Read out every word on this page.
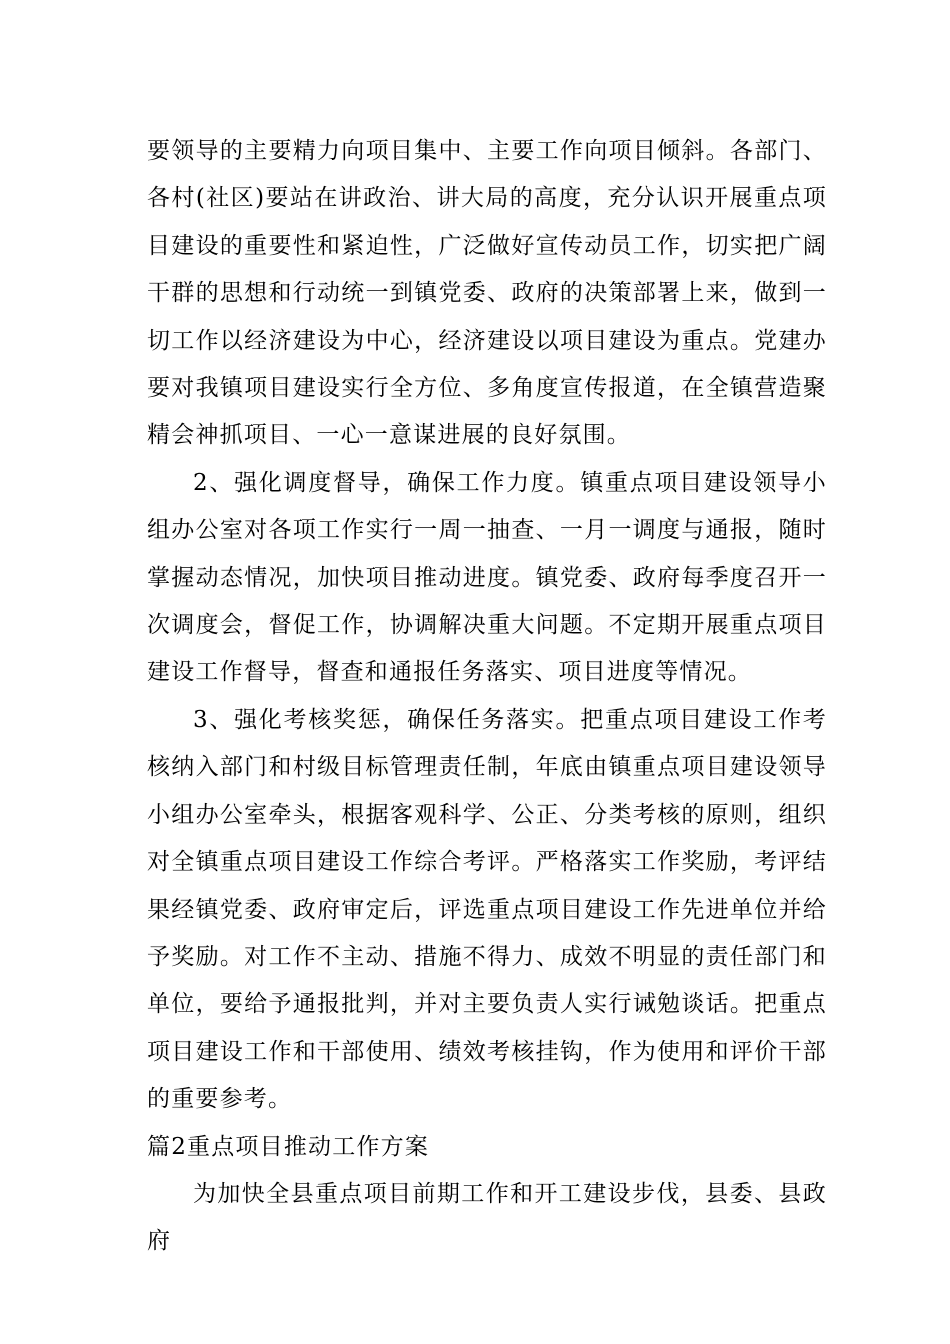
要领导的主要精力向项目集中、主要工作向项目倾斜。各部门、各村(社区)要站在讲政治、讲大局的高度，充分认识开展重点项目建设的重要性和紧迫性，广泛做好宣传动员工作，切实把广阔干群的思想和行动统一到镇党委、政府的决策部署上来，做到一切工作以经济建设为中心，经济建设以项目建设为重点。党建办要对我镇项目建设实行全方位、多角度宣传报道，在全镇营造聚精会神抓项目、一心一意谋进展的良好氛围。

2、强化调度督导，确保工作力度。镇重点项目建设领导小组办公室对各项工作实行一周一抽查、一月一调度与通报，随时掌握动态情况，加快项目推动进度。镇党委、政府每季度召开一次调度会，督促工作，协调解决重大问题。不定期开展重点项目建设工作督导，督查和通报任务落实、项目进度等情况。

3、强化考核奖惩，确保任务落实。把重点项目建设工作考核纳入部门和村级目标管理责任制，年底由镇重点项目建设领导小组办公室牵头，根据客观科学、公正、分类考核的原则，组织对全镇重点项目建设工作综合考评。严格落实工作奖励，考评结果经镇党委、政府审定后，评选重点项目建设工作先进单位并给予奖励。对工作不主动、措施不得力、成效不明显的责任部门和单位，要给予通报批判，并对主要负责人实行诫勉谈话。把重点项目建设工作和干部使用、绩效考核挂钩，作为使用和评价干部的重要参考。

篇2重点项目推动工作方案

为加快全县重点项目前期工作和开工建设步伐，县委、县政府
